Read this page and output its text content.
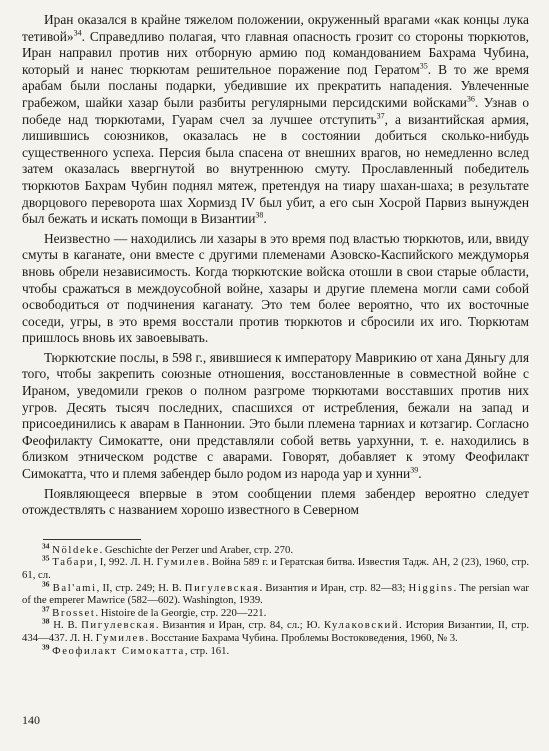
Иран оказался в крайне тяжелом положении, окруженный врагами «как концы лука тетивой»$^{34}$. Справедливо полагая, что главная опасность грозит со стороны тюркютов, Иран направил против них отборную армию под командованием Бахрама Чубина, который и нанес тюркютам решительное поражение под Гератом$^{35}$. В то же время арабам были посланы подарки, убедившие их прекратить нападения. Увлеченные грабежом, шайки хазар были разбиты регулярными персидскими войсками$^{36}$. Узнав о победе над тюркютами, Гуарам счел за лучшее отступить$^{37}$, а византийская армия, лишившись союзников, оказалась не в состоянии добиться сколько-нибудь существенного успеха. Персия была спасена от внешних врагов, но немедленно вслед затем оказалась ввергнутой во внутреннюю смуту. Прославленный победитель тюркютов Бахрам Чубин поднял мятеж, претендуя на тиару шахан-шаха; в результате дворцового переворота шах Хормизд IV был убит, а его сын Хосрой Парвиз вынужден был бежать и искать помощи в Византии$^{38}$.

Неизвестно — находились ли хазары в это время под властью тюркютов, или, ввиду смуты в каганате, они вместе с другими племенами Азовско-Каспийского междуморья вновь обрели независимость. Когда тюркютские войска отошли в свои старые области, чтобы сражаться в междоусобной войне, хазары и другие племена могли сами собой освободиться от подчинения каганату. Это тем более вероятно, что их восточные соседи, угры, в это время восстали против тюркютов и сбросили их иго. Тюркютам пришлось вновь их завоевывать.

Тюркютские послы, в 598 г., явившиеся к императору Маврикию от хана Дяньгу для того, чтобы закрепить союзные отношения, восстановленные в совместной войне с Ираном, уведомили греков о полном разгроме тюркютами восставших против них угров. Десять тысяч последних, спасшихся от истребления, бежали на запад и присоединились к аварам в Паннонии. Это были племена тарниах и котзагир. Согласно Феофилакту Симокатте, они представляли собой ветвь уархунни, т. е. находились в близком этническом родстве с аварами. Говорят, добавляет к этому Феофилакт Симокатта, что и племя забендер было родом из народа уар и хунни$^{39}$.

Появляющееся впервые в этом сообщении племя забендер вероятно следует отождествлять с названием хорошо известного в Северном

$^{34}$ Nöldeke. Geschichte der Perzer und Araber, стр. 270.

$^{35}$ Табари, I, 992. Л. Н. Гумилев. Война 589 г. и Гератская битва. Известия Тадж. АН, 2 (23), 1960, стр. 61, сл.

$^{36}$ Bal'ami, II, стр. 249; Н. В. Пигулевская. Византия и Иран, стр. 82—83; Higgins. The persian war of the emperer Mawrice (582—602). Washington, 1939.

$^{37}$ Brosset. Histoire de la Georgie, стр. 220—221.

$^{38}$ Н. В. Пигулевская. Византия и Иран, стр. 84, сл.; Ю. Кулаковский. История Византии, II, стр. 434—437. Л. Н. Гумилев. Восстание Бахрама Чубина. Проблемы Востоковедения, 1960, № 3.

$^{39}$ Феофилакт Симокатта, стр. 161.

140
